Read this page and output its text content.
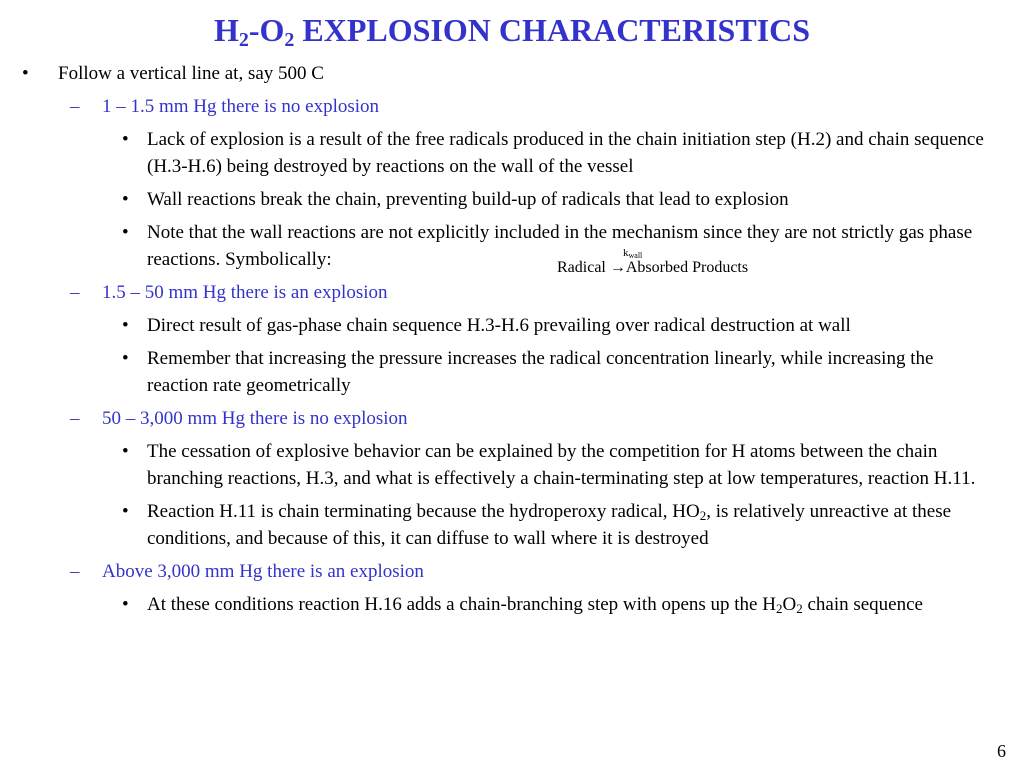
$H_2-O_2$ EXPLOSION CHARACTERISTICS
• Follow a vertical line at, say 500 C
– 1 – 1.5 mm Hg there is no explosion
• Lack of explosion is a result of the free radicals produced in the chain initiation step (H.2) and chain sequence (H.3-H.6) being destroyed by reactions on the wall of the vessel
• Wall reactions break the chain, preventing build-up of radicals that lead to explosion
• Note that the wall reactions are not explicitly included in the mechanism since they are not strictly gas phase reactions. Symbolically:
– 1.5 – 50 mm Hg there is an explosion
• Direct result of gas-phase chain sequence H.3-H.6 prevailing over radical destruction at wall
• Remember that increasing the pressure increases the radical concentration linearly, while increasing the reaction rate geometrically
– 50 – 3,000 mm Hg there is no explosion
• The cessation of explosive behavior can be explained by the competition for H atoms between the chain branching reactions, H.3, and what is effectively a chain-terminating step at low temperatures, reaction H.11.
• Reaction H.11 is chain terminating because the hydroperoxy radical, $HO_2$, is relatively unreactive at these conditions, and because of this, it can diffuse to wall where it is destroyed
– Above 3,000 mm Hg there is an explosion
• At these conditions reaction H.16 adds a chain-branching step with opens up the $H_2O_2$ chain sequence
$k_{wall}$
Radical →Absorbed Products
6
